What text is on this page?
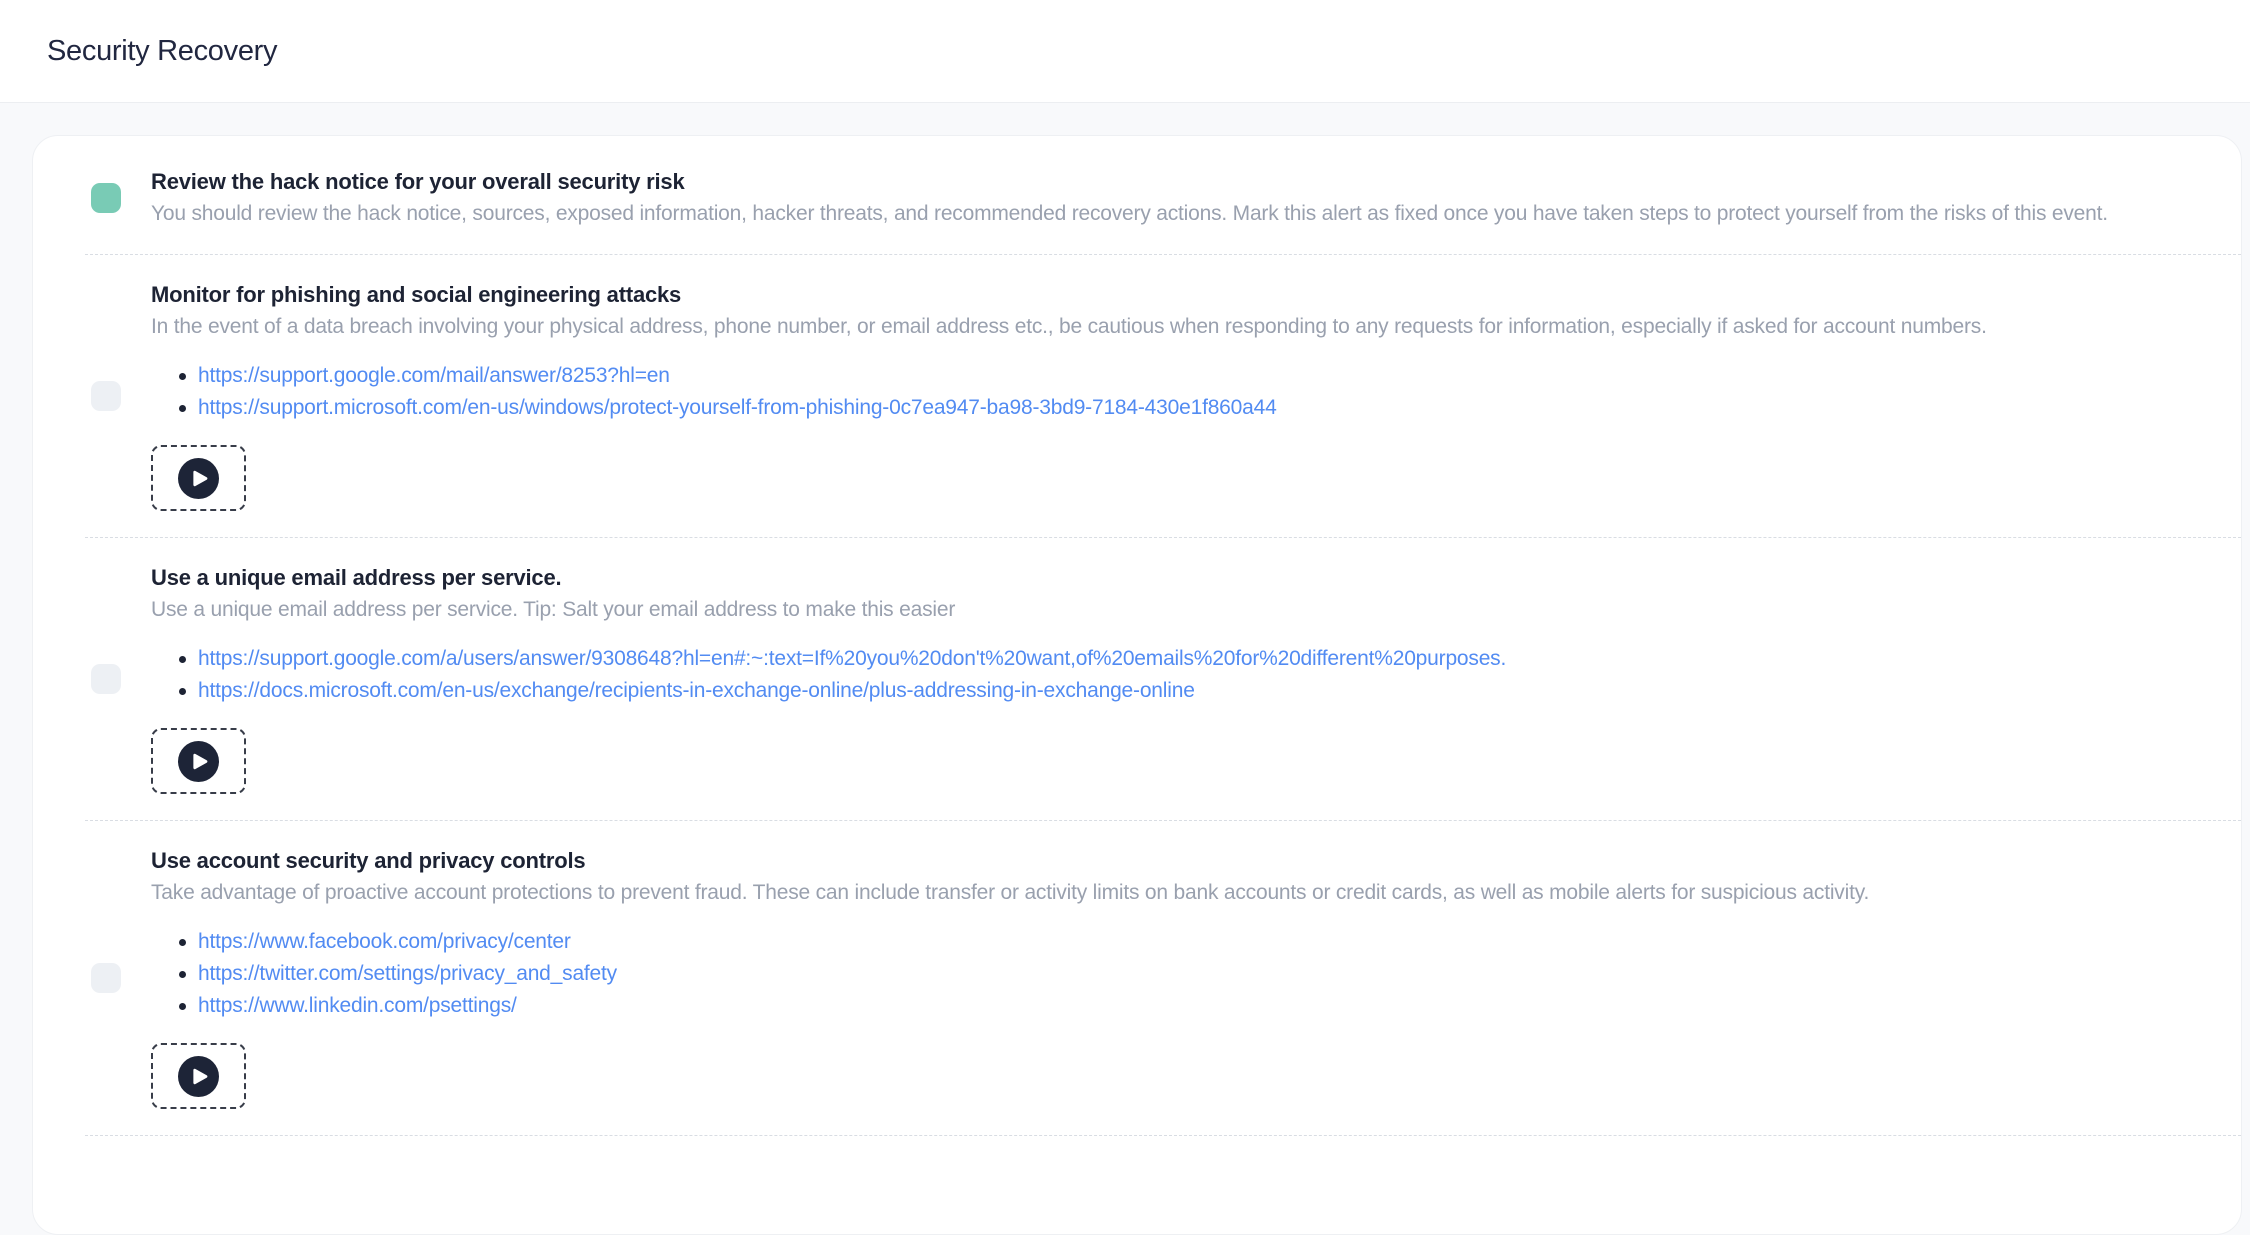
Security Recovery
Review the hack notice for your overall security risk
You should review the hack notice, sources, exposed information, hacker threats, and recommended recovery actions. Mark this alert as fixed once you have taken steps to protect yourself from the risks of this event.
Monitor for phishing and social engineering attacks
In the event of a data breach involving your physical address, phone number, or email address etc., be cautious when responding to any requests for information, especially if asked for account numbers.
https://support.google.com/mail/answer/8253?hl=en
https://support.microsoft.com/en-us/windows/protect-yourself-from-phishing-0c7ea947-ba98-3bd9-7184-430e1f860a44
Use a unique email address per service.
Use a unique email address per service. Tip: Salt your email address to make this easier
https://support.google.com/a/users/answer/9308648?hl=en#:~:text=If%20you%20don't%20want,of%20emails%20for%20different%20purposes.
https://docs.microsoft.com/en-us/exchange/recipients-in-exchange-online/plus-addressing-in-exchange-online
Use account security and privacy controls
Take advantage of proactive account protections to prevent fraud. These can include transfer or activity limits on bank accounts or credit cards, as well as mobile alerts for suspicious activity.
https://www.facebook.com/privacy/center
https://twitter.com/settings/privacy_and_safety
https://www.linkedin.com/psettings/
